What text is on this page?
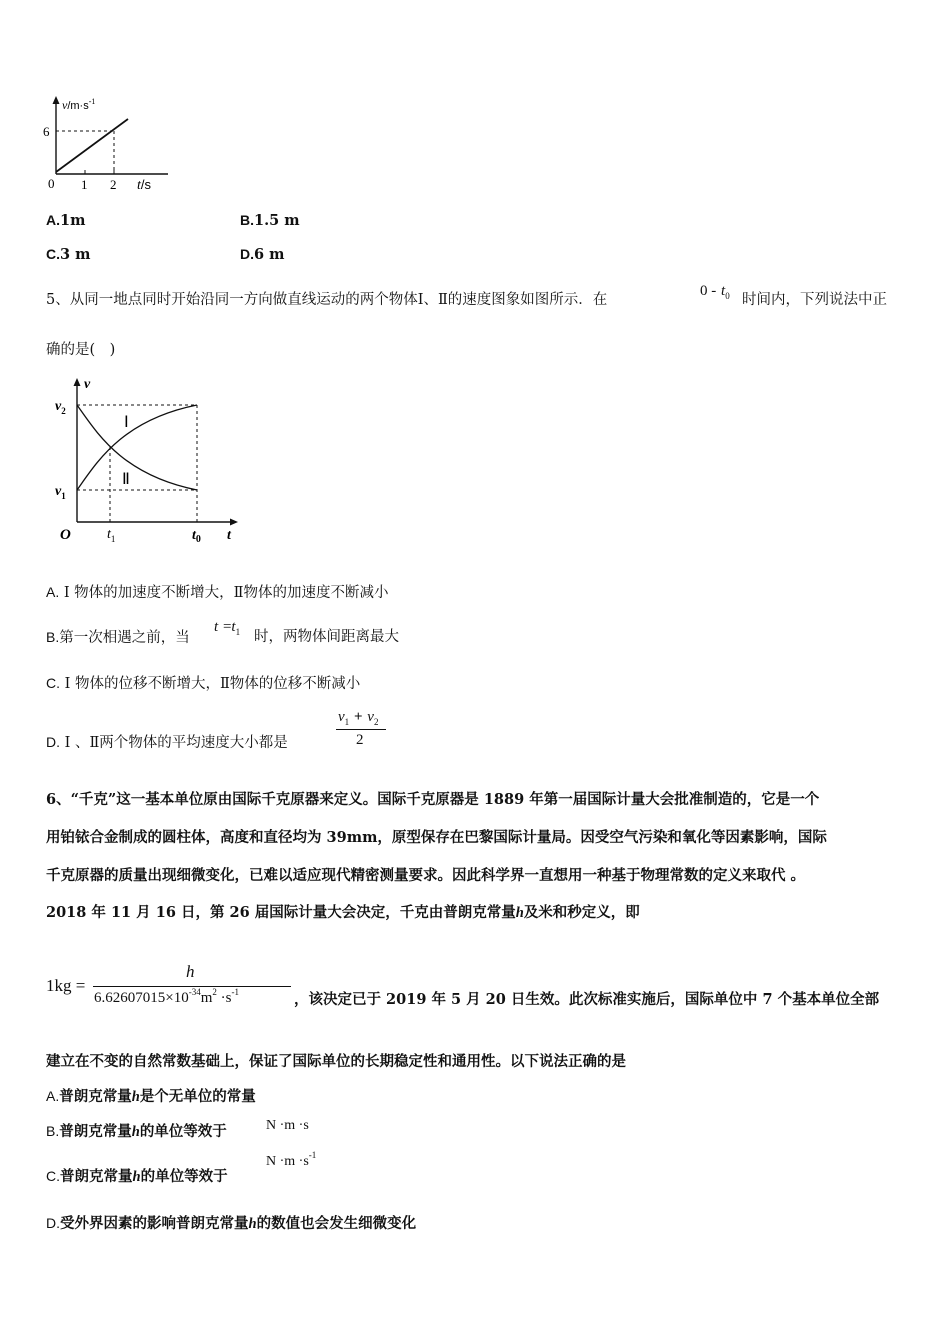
$v/m\cdot s^{-1}$
6
0 1 2 t/s
A.1m	B.1.5 m
C.3 m	D.6 m
5、从同一地点同时开始沿同一方向做直线运动的两个物体Ⅰ、Ⅱ的速度图象如图所示．在
$0 - t_0$ 时间内，下列说法中正
确的是(　)
v
$v_2$
$v_1$
O	$t_1$	$t_0$ t
Ⅰ
Ⅱ
A. Ⅰ 物体的加速度不断增大，Ⅱ物体的加速度不断减小
B.第一次相遇之前，当
$t =t_1$ 时，两物体间距离最大
C. Ⅰ 物体的位移不断增大，Ⅱ物体的位移不断减小
D. Ⅰ 、Ⅱ两个物体的平均速度大小都是
$v_1 + v_2$
2
6、“千克”这一基本单位原由国际千克原器来定义。国际千克原器是 1889 年第一届国际计量大会批准制造的，它是一个
用铂铱合金制成的圆柱体，高度和直径均为 39mm，原型保存在巴黎国际计量局。因受空气污染和氧化等因素影响，国际
千克原器的质量出现细微变化，已难以适应现代精密测量要求。因此科学界一直想用一种基于物理常数的定义来取代 。
2018 年 11 月 16 日，第 26 届国际计量大会决定，千克由普朗克常量h及米和秒定义，即
1kg =
h
$6.62607015\times 10^{-34}m^2 \cdot s^{-1}$	，该决定已于 2019 年 5 月 20 日生效。此次标准实施后，国际单位中 7 个基本单位全部
建立在不变的自然常数基础上，保证了国际单位的长期稳定性和通用性。以下说法正确的是
A.普朗克常量h是个无单位的常量
B.普朗克常量h的单位等效于	N ·m ·s
C.普朗克常量h的单位等效于
$N \cdot m \cdot s^{-1}$
D.受外界因素的影响普朗克常量h的数值也会发生细微变化
